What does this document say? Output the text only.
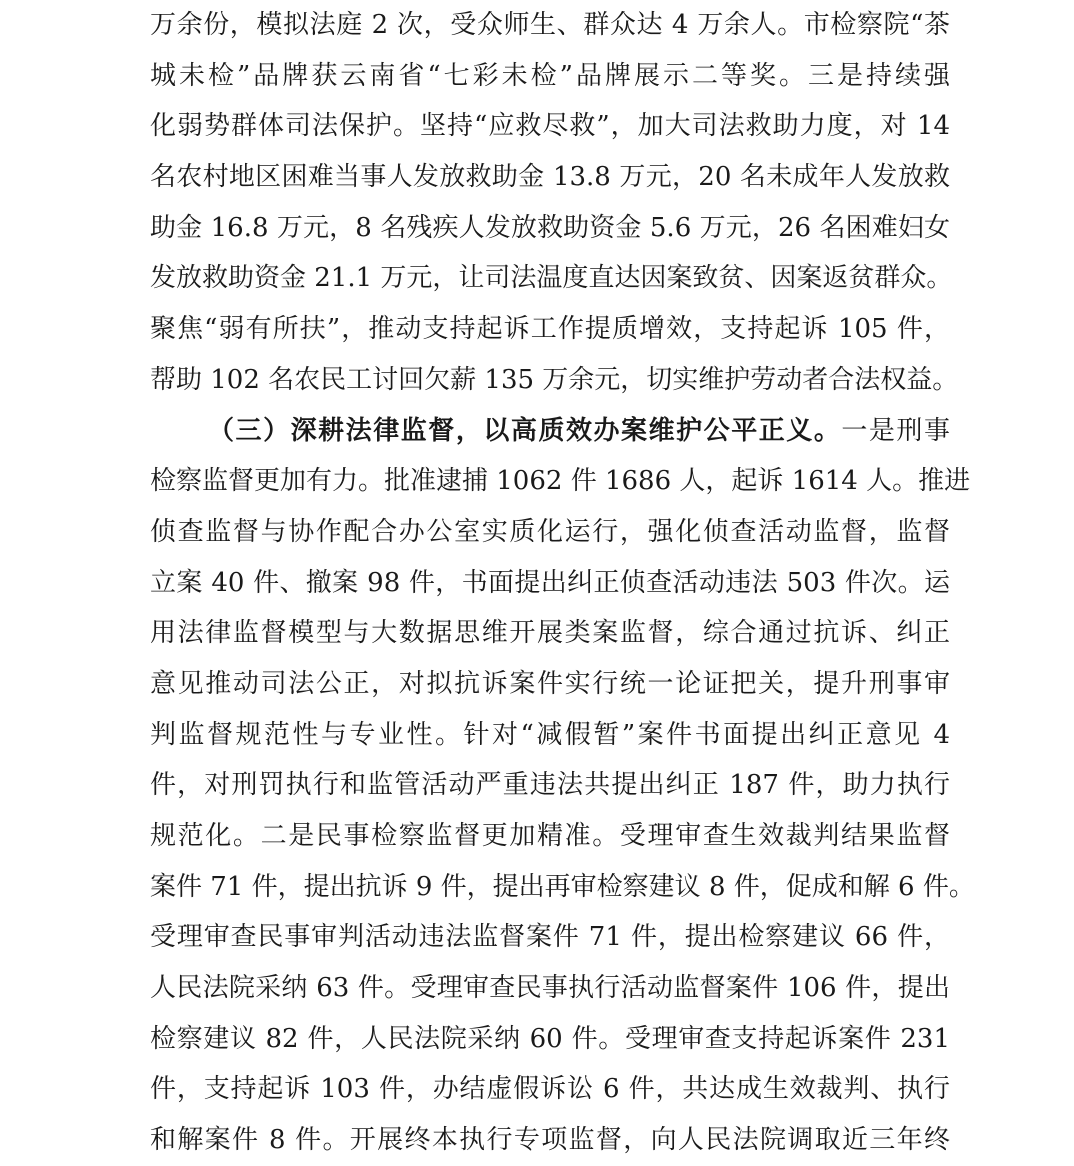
万余份，模拟法庭 2 次，受众师生、群众达 4 万余人。市检察院“茶
城未检”品牌获云南省“七彩未检”品牌展示二等奖。三是持续强
化弱势群体司法保护。坚持“应救尽救”，加大司法救助力度，对 14
名农村地区困难当事人发放救助金 13.8 万元，20 名未成年人发放救
助金 16.8 万元，8 名残疾人发放救助资金 5.6 万元，26 名困难妇女
发放救助资金 21.1 万元，让司法温度直达因案致贫、因案返贫群众。
聚焦“弱有所扶”，推动支持起诉工作提质增效，支持起诉 105 件，
帮助 102 名农民工讨回欠薪 135 万余元，切实维护劳动者合法权益。
（三）深耕法律监督，以高质效办案维护公平正义。一是刑事
检察监督更加有力。批准逮捕 1062 件 1686 人，起诉 1614 人。推进
侦查监督与协作配合办公室实质化运行，强化侦查活动监督，监督
立案 40 件、撤案 98 件，书面提出纠正侦查活动违法 503 件次。运
用法律监督模型与大数据思维开展类案监督，综合通过抗诉、纠正
意见推动司法公正，对拟抗诉案件实行统一论证把关，提升刑事审
判监督规范性与专业性。针对“减假暂”案件书面提出纠正意见 4
件，对刑罚执行和监管活动严重违法共提出纠正 187 件，助力执行
规范化。二是民事检察监督更加精准。受理审查生效裁判结果监督
案件 71 件，提出抗诉 9 件，提出再审检察建议 8 件，促成和解 6 件。
受理审查民事审判活动违法监督案件 71 件，提出检察建议 66 件，
人民法院采纳 63 件。受理审查民事执行活动监督案件 106 件，提出
检察建议 82 件，人民法院采纳 60 件。受理审查支持起诉案件 231
件，支持起诉 103 件，办结虚假诉讼 6 件，共达成生效裁判、执行
和解案件 8 件。开展终本执行专项监督，向人民法院调取近三年终
